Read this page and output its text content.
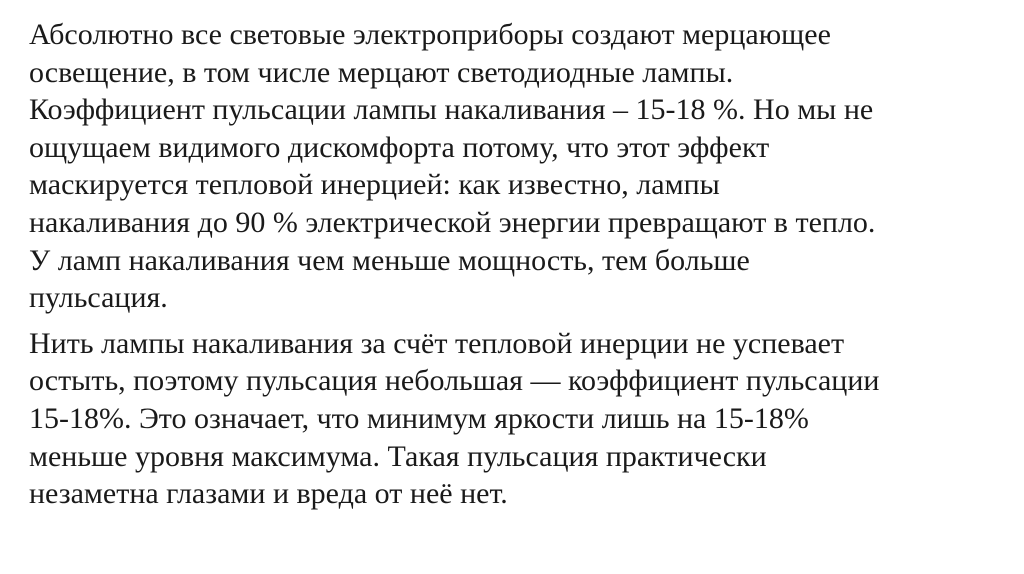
Абсолютно все световые электроприборы создают мерцающее
освещение, в том числе мерцают светодиодные лампы.
Коэффициент пульсации лампы накаливания – 15-18 %. Но мы не
ощущаем видимого дискомфорта потому, что этот эффект
маскируется тепловой инерцией: как известно, лампы
накаливания до 90 % электрической энергии превращают в тепло.
У ламп накаливания чем меньше мощность, тем больше
пульсация.

Нить лампы накаливания за счёт тепловой инерции не успевает
остыть, поэтому пульсация небольшая — коэффициент пульсации
15-18%. Это означает, что минимум яркости лишь на 15-18%
меньше уровня максимума. Такая пульсация практически
незаметна глазами и вреда от неё нет.
